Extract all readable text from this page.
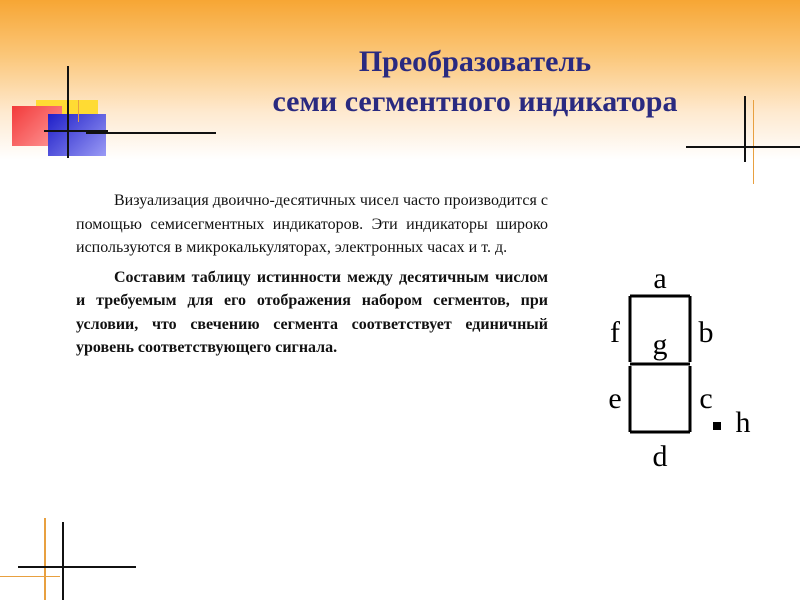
Преобразователь
семи сегментного индикатора

Визуализация двоично-десятичных чисел часто производится с помощью семисегментных индикаторов. Эти индикаторы широко используются в микрокалькуляторах, электронных часах и т. д.

Составим таблицу истинности между десятичным числом и требуемым для его отображения набором сегментов, при условии, что свечению сегмента соответствует единичный уровень соответствующего сигнала.

a
b
c
d
e
f g
h
